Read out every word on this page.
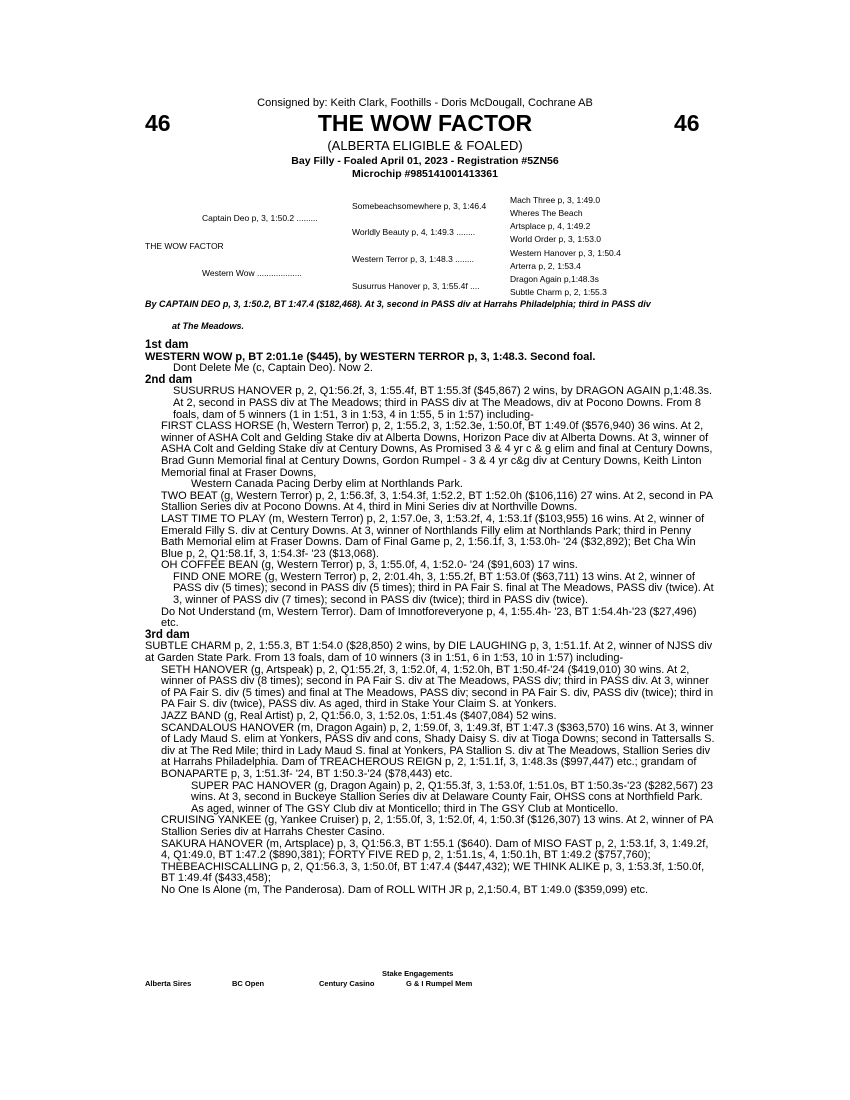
Consigned by: Keith Clark, Foothills - Doris McDougall, Cochrane AB
46	THE WOW FACTOR	46
(ALBERTA ELIGIBLE & FOALED)
Bay Filly - Foaled April 01, 2023 - Registration #5ZN56
Microchip #985141001413361
THE WOW FACTOR
Captain Deo p, 3, 1:50.2 .........
Western Wow ...................
Somebeachsomewhere p, 3, 1:46.4
Worldly Beauty p, 4, 1:49.3 ........
Western Terror p, 3, 1:48.3 ........
Susurrus Hanover p, 3, 1:55.4f ....
Mach Three p, 3, 1:49.0
Wheres The Beach
Artsplace p, 4, 1:49.2
World Order p, 3, 1:53.0
Western Hanover p, 3, 1:50.4
Arterra p, 2, 1:53.4
Dragon Again p,1:48.3s
Subtle Charm p, 2, 1:55.3
By CAPTAIN DEO p, 3, 1:50.2, BT 1:47.4 ($182,468). At 3, second in PASS div at Harrahs Philadelphia; third in PASS div
at The Meadows.

1st dam

WESTERN WOW p, BT 2:01.1e ($445), by WESTERN TERROR p, 3, 1:48.3. Second foal.

Dont Delete Me (c, Captain Deo). Now 2.

2nd dam

SUSURRUS HANOVER p, 2, Q1:56.2f, 3, 1:55.4f, BT 1:55.3f ($45,867) 2 wins, by DRAGON AGAIN p,1:48.3s. At 2, second in PASS div at The Meadows; third in PASS div at The Meadows, div at Pocono Downs. From 8 foals, dam of 5 winners (1 in 1:51, 3 in 1:53, 4 in 1:55, 5 in 1:57) including-

FIRST CLASS HORSE (h, Western Terror) p, 2, 1:55.2, 3, 1:52.3e, 1:50.0f, BT 1:49.0f ($576,940) 36 wins. At 2, winner of ASHA Colt and Gelding Stake div at Alberta Downs, Horizon Pace div at Alberta Downs. At 3, winner of ASHA Colt and Gelding Stake div at Century Downs, As Promised 3 & 4 yr c & g elim and final at Century Downs, Brad Gunn Memorial final at Century Downs, Gordon Rumpel - 3 & 4 yr c&g div at Century Downs, Keith Linton Memorial final at Fraser Downs,

Western Canada Pacing Derby elim at Northlands Park.

TWO BEAT (g, Western Terror) p, 2, 1:56.3f, 3, 1:54.3f, 1:52.2, BT 1:52.0h ($106,116) 27 wins. At 2, second in PA Stallion Series div at Pocono Downs. At 4, third in Mini Series div at Northville Downs.

LAST TIME TO PLAY (m, Western Terror) p, 2, 1:57.0e, 3, 1:53.2f, 4, 1:53.1f ($103,955) 16 wins. At 2, winner of Emerald Filly S. div at Century Downs. At 3, winner of Northlands Filly elim at Northlands Park; third in Penny Bath Memorial elim at Fraser Downs. Dam of Final Game p, 2, 1:56.1f, 3, 1:53.0h- '24 ($32,892); Bet Cha Win Blue p, 2, Q1:58.1f, 3, 1:54.3f- '23 ($13,068).

OH COFFEE BEAN (g, Western Terror) p, 3, 1:55.0f, 4, 1:52.0- '24 ($91,603) 17 wins.

FIND ONE MORE (g, Western Terror) p, 2, 2:01.4h, 3, 1:55.2f, BT 1:53.0f ($63,711) 13 wins. At 2, winner of PASS div (5 times); second in PASS div (5 times); third in PA Fair S. final at The Meadows, PASS div (twice). At 3, winner of PASS div (7 times); second in PASS div (twice); third in PASS div (twice).

Do Not Understand (m, Western Terror). Dam of Imnotforeveryone p, 4, 1:55.4h- '23, BT 1:54.4h-'23 ($27,496) etc.

3rd dam

SUBTLE CHARM p, 2, 1:55.3, BT 1:54.0 ($28,850) 2 wins, by DIE LAUGHING p, 3, 1:51.1f. At 2, winner of NJSS div at Garden State Park. From 13 foals, dam of 10 winners (3 in 1:51, 6 in 1:53, 10 in 1:57) including-

SETH HANOVER (g, Artspeak) p, 2, Q1:55.2f, 3, 1:52.0f, 4, 1:52.0h, BT 1:50.4f-'24 ($419,010) 30 wins. At 2, winner of PASS div (8 times); second in PA Fair S. div at The Meadows, PASS div; third in PASS div. At 3, winner of PA Fair S. div (5 times) and final at The Meadows, PASS div; second in PA Fair S. div, PASS div (twice); third in PA Fair S. div (twice), PASS div. As aged, third in Stake Your Claim S. at Yonkers.

JAZZ BAND (g, Real Artist) p, 2, Q1:56.0, 3, 1:52.0s, 1:51.4s ($407,084) 52 wins.

SCANDALOUS HANOVER (m, Dragon Again) p, 2, 1:59.0f, 3, 1:49.3f, BT 1:47.3 ($363,570) 16 wins. At 3, winner of Lady Maud S. elim at Yonkers, PASS div and cons, Shady Daisy S. div at Tioga Downs; second in Tattersalls S. div at The Red Mile; third in Lady Maud S. final at Yonkers, PA Stallion S. div at The Meadows, Stallion Series div at Harrahs Philadelphia. Dam of TREACHEROUS REIGN p, 2, 1:51.1f, 3, 1:48.3s ($997,447) etc.; grandam of BONAPARTE p, 3, 1:51.3f- '24, BT 1:50.3-'24 ($78,443) etc.

SUPER PAC HANOVER (g, Dragon Again) p, 2, Q1:55.3f, 3, 1:53.0f, 1:51.0s, BT 1:50.3s-'23 ($282,567) 23 wins. At 3, second in Buckeye Stallion Series div at Delaware County Fair, OHSS cons at Northfield Park. As aged, winner of The GSY Club div at Monticello; third in The GSY Club at Monticello.

CRUISING YANKEE (g, Yankee Cruiser) p, 2, 1:55.0f, 3, 1:52.0f, 4, 1:50.3f ($126,307) 13 wins. At 2, winner of PA Stallion Series div at Harrahs Chester Casino.

SAKURA HANOVER (m, Artsplace) p, 3, Q1:56.3, BT 1:55.1 ($640). Dam of MISO FAST p, 2, 1:53.1f, 3, 1:49.2f, 4, Q1:49.0, BT 1:47.2 ($890,381); FORTY FIVE RED p, 2, 1:51.1s, 4, 1:50.1h, BT 1:49.2 ($757,760); THEBEACHISCALLING p, 2, Q1:56.3, 3, 1:50.0f, BT 1:47.4 ($447,432); WE THINK ALIKE p, 3, 1:53.3f, 1:50.0f, BT 1:49.4f ($433,458);

No One Is Alone (m, The Panderosa). Dam of ROLL WITH JR p, 2,1:50.4, BT 1:49.0 ($359,099) etc.

Stake Engagements
Alberta Sires	BC Open	Century Casino	G & I Rumpel Mem
